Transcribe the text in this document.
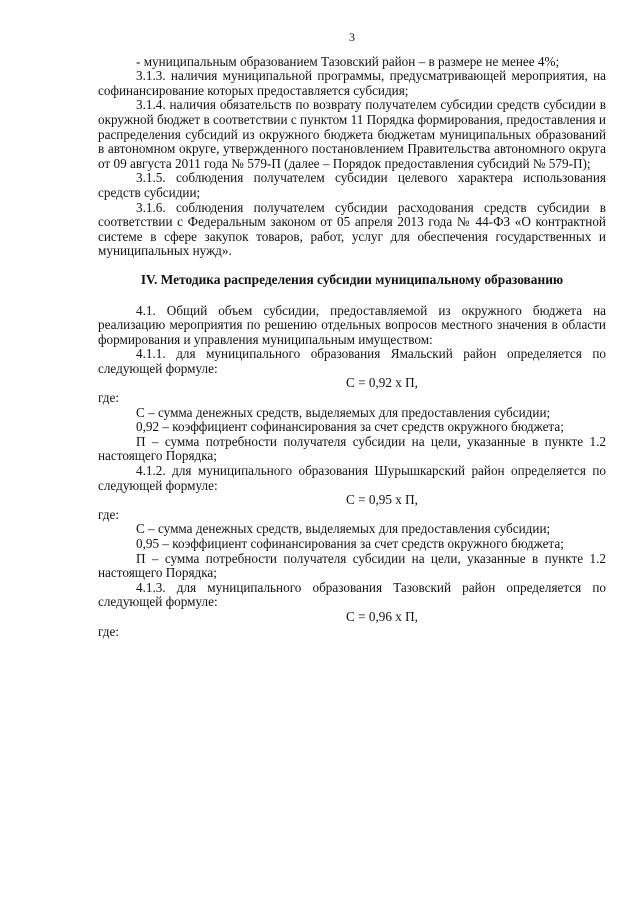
3

- муниципальным образованием Тазовский район – в размере не менее 4%;

3.1.3. наличия муниципальной программы, предусматривающей мероприятия, на софинансирование которых предоставляется субсидия;

3.1.4. наличия обязательств по возврату получателем субсидии средств субсидии в окружной бюджет в соответствии с пунктом 11 Порядка формирования, предоставления и распределения субсидий из окружного бюджета бюджетам муниципальных образований в автономном округе, утвержденного постановлением Правительства автономного округа от 09 августа 2011 года № 579-П (далее – Порядок предоставления субсидий № 579-П);

3.1.5. соблюдения получателем субсидии целевого характера использования средств субсидии;

3.1.6. соблюдения получателем субсидии расходования средств субсидии в соответствии с Федеральным законом от 05 апреля 2013 года № 44-ФЗ «О контрактной системе в сфере закупок товаров, работ, услуг для обеспечения государственных и муниципальных нужд».

IV. Методика распределения субсидии муниципальному образованию

4.1. Общий объем субсидии, предоставляемой из окружного бюджета на реализацию мероприятия по решению отдельных вопросов местного значения в области формирования и управления муниципальным имуществом:

4.1.1. для муниципального образования Ямальский район определяется по следующей формуле:

С = 0,92 х П,

где:

С – сумма денежных средств, выделяемых для предоставления субсидии;

0,92 – коэффициент софинансирования за счет средств окружного бюджета;

П – сумма потребности получателя субсидии на цели, указанные в пункте 1.2 настоящего Порядка;

4.1.2. для муниципального образования Шурышкарский район определяется по следующей формуле:

С = 0,95 х П,

где:

С – сумма денежных средств, выделяемых для предоставления субсидии;

0,95 – коэффициент софинансирования за счет средств окружного бюджета;

П – сумма потребности получателя субсидии на цели, указанные в пункте 1.2 настоящего Порядка;

4.1.3. для муниципального образования Тазовский район определяется по следующей формуле:

С = 0,96 х П,

где:
